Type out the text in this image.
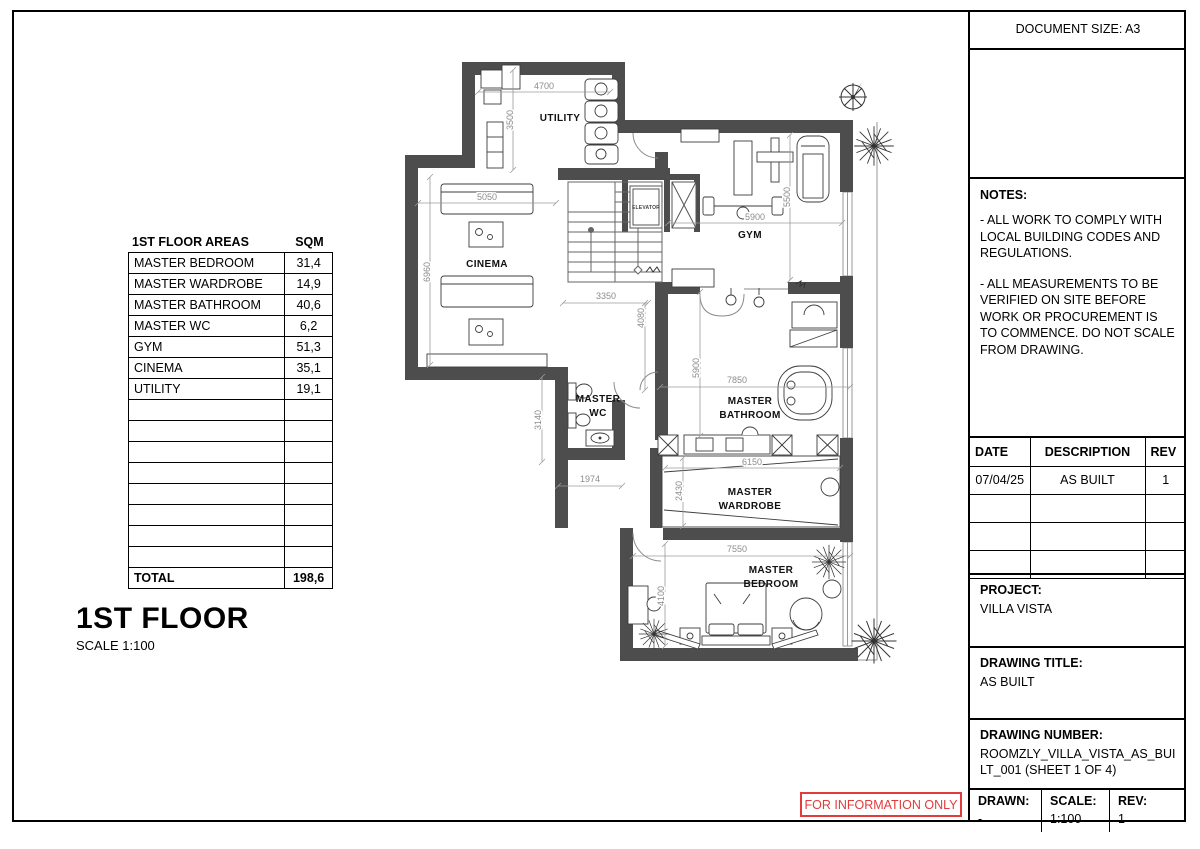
1ST FLOOR AREAS	SQM
MASTER BEDROOM	31,4
MASTER WARDROBE	14,9
MASTER BATHROOM	40,6
MASTER WC	6,2
GYM	51,3
CINEMA	35,1
UTILITY	19,1
TOTAL	198,6
1ST FLOOR
SCALE 1:100
ELEVATOR
4700
3500
5050
6960
5900
5500
3350
4080
7850
5900
3140
1974
6150
2430
7550
4100
UTILITY
CINEMA
GYM
MASTER
WC
MASTER
BATHROOM
MASTER
WARDROBE
MASTER
BEDROOM
DOCUMENT SIZE: A3
NOTES:

- ALL WORK TO COMPLY WITH LOCAL BUILDING CODES AND REGULATIONS.

- ALL MEASUREMENTS TO BE VERIFIED ON SITE BEFORE WORK OR PROCUREMENT IS TO COMMENCE. DO NOT SCALE FROM DRAWING.

DATE	DESCRIPTION	REV
07/04/25	AS BUILT	1

PROJECT:
VILLA VISTA
DRAWING TITLE:
AS BUILT
DRAWING NUMBER:
ROOMZLY_VILLA_VISTA_AS_BUILT_001 (SHEET 1 OF 4)
DRAWN:
-
SCALE:
1:100
REV:
1
FOR INFORMATION ONLY
